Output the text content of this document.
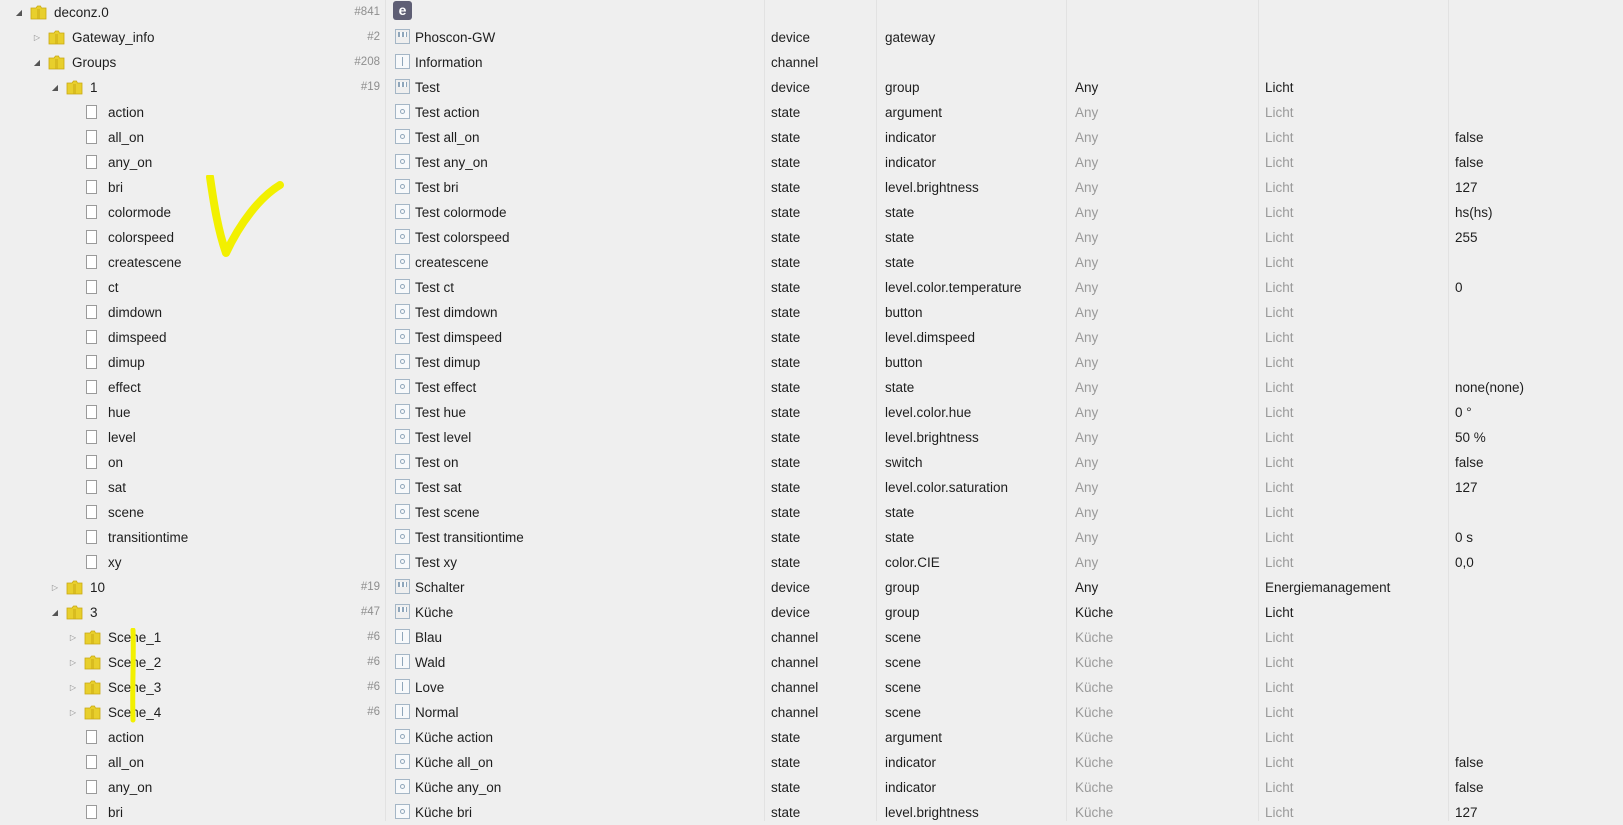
◢ deconz.0	#841	e
▷ Gateway_info	#2	Phoscon-GW	device	gateway
◢ Groups	#208	Information	channel
◢ 1	#19	Test	device	group	Any	Licht
action	Test action	state	argument	Any	Licht
all_on	Test all_on	state	indicator	Any	Licht	false
any_on	Test any_on	state	indicator	Any	Licht	false
bri	Test bri	state	level.brightness	Any	Licht	127
colormode	Test colormode	state	state	Any	Licht	hs(hs)
colorspeed	Test colorspeed	state	state	Any	Licht	255
createscene	createscene	state	state	Any	Licht
ct	Test ct	state	level.color.temperature	Any	Licht	0
dimdown	Test dimdown	state	button	Any	Licht
dimspeed	Test dimspeed	state	level.dimspeed	Any	Licht
dimup	Test dimup	state	button	Any	Licht
effect	Test effect	state	state	Any	Licht	none(none)
hue	Test hue	state	level.color.hue	Any	Licht	0 °
level	Test level	state	level.brightness	Any	Licht	50 %
on	Test on	state	switch	Any	Licht	false
sat	Test sat	state	level.color.saturation	Any	Licht	127
scene	Test scene	state	state	Any	Licht
transitiontime	Test transitiontime	state	state	Any	Licht	0 s
xy	Test xy	state	color.CIE	Any	Licht	0,0
▷ 10	#19	Schalter	device	group	Any	Energiemanagement
◢ 3	#47	Küche	device	group	Küche	Licht
▷ Scene_1	#6	Blau	channel	scene	Küche	Licht
▷ Scene_2	#6	Wald	channel	scene	Küche	Licht
▷ Scene_3	#6	Love	channel	scene	Küche	Licht
▷ Scene_4	#6	Normal	channel	scene	Küche	Licht
action	Küche action	state	argument	Küche	Licht
all_on	Küche all_on	state	indicator	Küche	Licht	false
any_on	Küche any_on	state	indicator	Küche	Licht	false
bri	Küche bri	state	level.brightness	Küche	Licht	127
